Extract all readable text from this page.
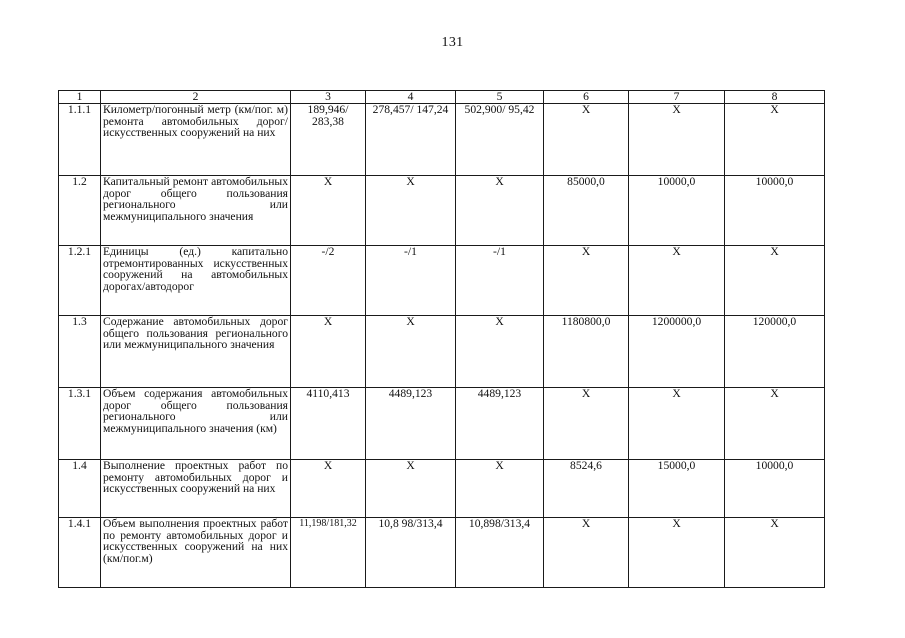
131
1	2	3	4	5	6	7	8
1.1.1	Километр/погонный метр (км/пог. м) ремонта автомобильных дорог/искусственных сооружений на них	189,946/ 283,38	278,457/ 147,24	502,900/ 95,42	Х	Х	Х
1.2	Капитальный ремонт автомобильных дорог общего пользования регионального или межмуниципального значения	Х	Х	Х	85000,0	10000,0	10000,0
1.2.1	Единицы (ед.) капитально отремонтированных искусственных сооружений на автомобильных дорогах/автодорог	-/2	-/1	-/1	Х	Х	Х
1.3	Содержание автомобильных дорог общего пользования регионального или межмуниципального значения	Х	Х	Х	1180800,0	1200000,0	120000,0
1.3.1	Объем содержания автомобильных дорог общего пользования регионального или межмуниципального значения (км)	4110,413	4489,123	4489,123	Х	Х	Х
1.4	Выполнение проектных работ по ремонту автомобильных дорог и искусственных сооружений на них	Х	Х	Х	8524,6	15000,0	10000,0
1.4.1	Объем выполнения проектных работ по ремонту автомобильных дорог и искусственных сооружений на них (км/пог.м)	11,198/181,32	10,8 98/313,4	10,898/313,4	Х	Х	Х
